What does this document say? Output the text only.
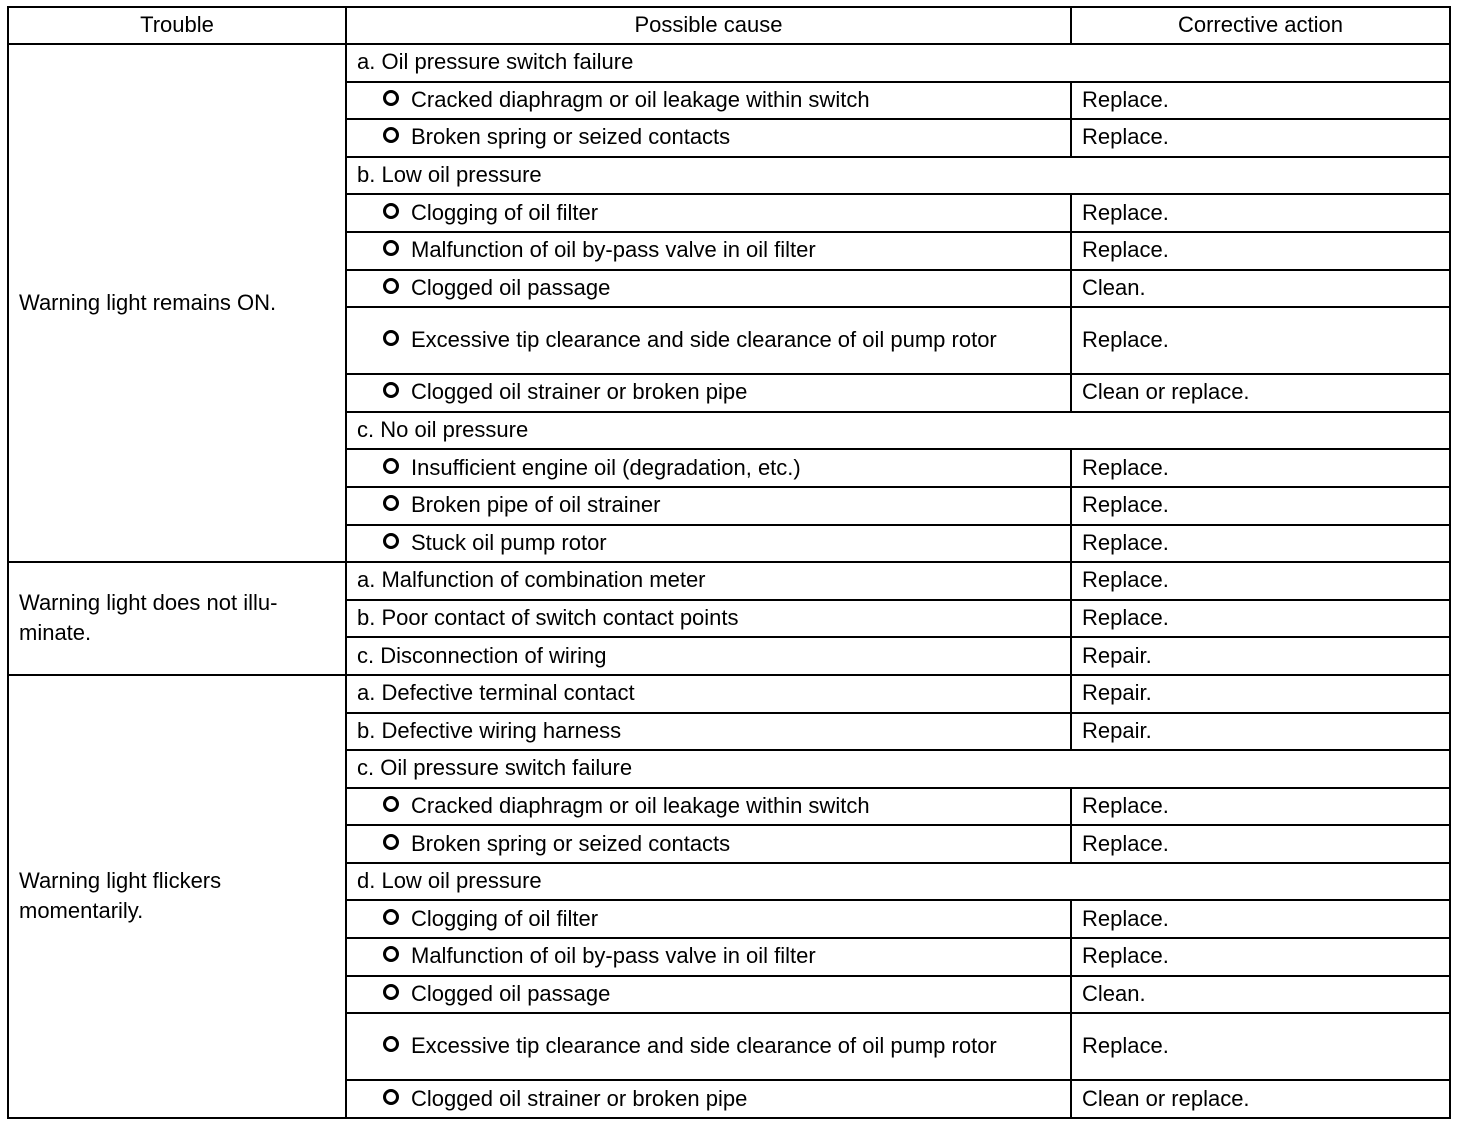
Trouble	Possible cause	Corrective action
Warning light remains ON.	a. Oil pressure switch failure	
	Cracked diaphragm or oil leakage within switch	Replace.
	Broken spring or seized contacts	Replace.
	b. Low oil pressure	
	Clogging of oil filter	Replace.
	Malfunction of oil by-pass valve in oil filter	Replace.
	Clogged oil passage	Clean.
	Excessive tip clearance and side clearance of oil pump rotor	Replace.
	Clogged oil strainer or broken pipe	Clean or replace.
	c. No oil pressure	
	Insufficient engine oil (degradation, etc.)	Replace.
	Broken pipe of oil strainer	Replace.
	Stuck oil pump rotor	Replace.
Warning light does not illu-minate.	a. Malfunction of combination meter	Replace.
	b. Poor contact of switch contact points	Replace.
	c. Disconnection of wiring	Repair.
Warning light flickers momentarily.	a. Defective terminal contact	Repair.
	b. Defective wiring harness	Repair.
	c. Oil pressure switch failure	
	Cracked diaphragm or oil leakage within switch	Replace.
	Broken spring or seized contacts	Replace.
	d. Low oil pressure	
	Clogging of oil filter	Replace.
	Malfunction of oil by-pass valve in oil filter	Replace.
	Clogged oil passage	Clean.
	Excessive tip clearance and side clearance of oil pump rotor	Replace.
	Clogged oil strainer or broken pipe	Clean or replace.
